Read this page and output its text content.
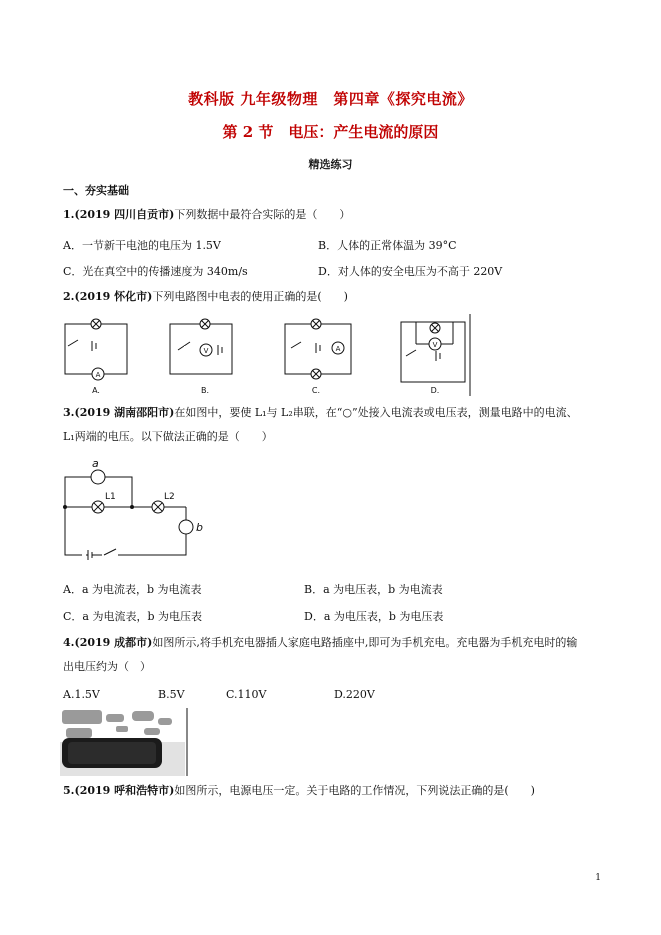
教科版 九年级物理　第四章《探究电流》
第 2 节　电压：产生电流的原因
精选练习
一、夯实基础
1.(2019 四川自贡市)下列数据中最符合实际的是（　　）
A．一节新干电池的电压为 1.5V	B．人体的正常体温为 39°C
C．光在真空中的传播速度为 340m/s	D．对人体的安全电压为不高于 220V
2.(2019 怀化市)下列电路图中电表的使用正确的是(　　)
A
V	A	V
A.	B.	C.	D.
3.(2019 湖南邵阳市)在如图中，要使 L₁与 L₂串联，在“○”处接入电流表或电压表，测量电路中的电流、
L₁两端的电压。以下做法正确的是（　　）
a
L1	L2
b
A．a 为电流表，b 为电流表	B．a 为电压表，b 为电流表
C．a 为电流表，b 为电压表	D．a 为电压表，b 为电压表
4.(2019 成都市)如图所示,将手机充电器插人家庭电路插座中,即可为手机充电。充电器为手机充电时的输
出电压约为（　）
A.1.5V	B.5V	C.110V	D.220V
5.(2019 呼和浩特市)如图所示，电源电压一定。关于电路的工作情况，下列说法正确的是(　　)
1
